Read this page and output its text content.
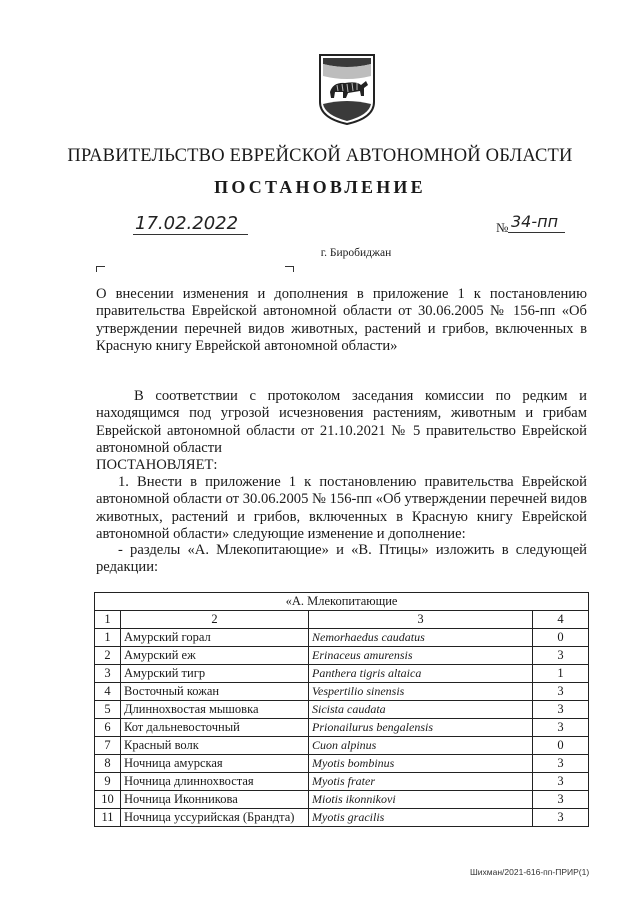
ПРАВИТЕЛЬСТВО ЕВРЕЙСКОЙ АВТОНОМНОЙ ОБЛАСТИ
ПОСТАНОВЛЕНИЕ
17.02.2022	№ 34-пп
г. Биробиджан
О внесении изменения и дополнения в приложение 1 к постановлению правительства Еврейской автономной области от 30.06.2005 № 156-пп «Об утверждении перечней видов животных, растений и грибов, включенных в Красную книгу Еврейской автономной области»
В соответствии с протоколом заседания комиссии по редким и находящимся под угрозой исчезновения растениям, животным и грибам Еврейской автономной области от 21.10.2021 № 5 правительство Еврейской автономной области
ПОСТАНОВЛЯЕТ:
1. Внести в приложение 1 к постановлению правительства Еврейской автономной области от 30.06.2005 № 156-пп «Об утверждении перечней видов животных, растений и грибов, включенных в Красную книгу Еврейской автономной области» следующие изменение и дополнение:
- разделы «А. Млекопитающие» и «В. Птицы» изложить в следующей редакции:
«А. Млекопитающие			
1	2	3	4
1	Амурский горал	Nemorhaedus caudatus	0
2	Амурский еж	Erinaceus amurensis	3
3	Амурский тигр	Panthera tigris altaica	1
4	Восточный кожан	Vespertilio sinensis	3
5	Длиннохвостая мышовка	Sicista caudata	3
6	Кот дальневосточный	Prionailurus bengalensis	3
7	Красный волк	Cuon alpinus	0
8	Ночница амурская	Myotis bombinus	3
9	Ночница длиннохвостая	Myotis frater	3
10	Ночница Иконникова	Miotis ikonnikovi	3
11	Ночница уссурийская (Брандта)	Myotis gracilis	3
Шихман/2021-616-пп-ПРИР(1)
